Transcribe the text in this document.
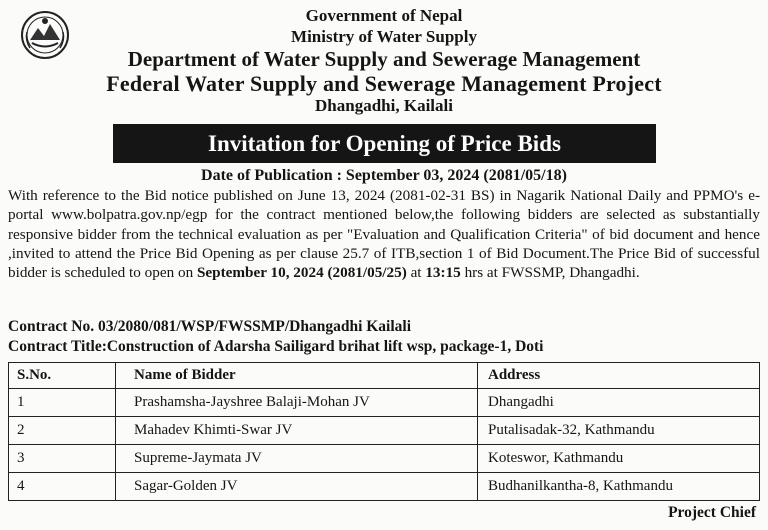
Government of Nepal
Ministry of Water Supply
Department of Water Supply and Sewerage Management
Federal Water Supply and Sewerage Management Project
Dhangadhi, Kailali
Invitation for Opening of Price Bids
Date of Publication : September 03, 2024 (2081/05/18)

With reference to the Bid notice published on June 13, 2024 (2081-02-31 BS) in Nagarik National Daily and PPMO's e-portal www.bolpatra.gov.np/egp for the contract mentioned below,the following bidders are selected as substantially responsive bidder from the technical evaluation as per "Evaluation and Qualification Criteria" of bid document and hence ,invited to attend the Price Bid Opening as per clause 25.7 of ITB,section 1 of Bid Document.The Price Bid of successful bidder is scheduled to open on September 10, 2024 (2081/05/25) at 13:15 hrs at FWSSMP, Dhangadhi.

Contract No. 03/2080/081/WSP/FWSSMP/Dhangadhi Kailali
Contract Title:Construction of Adarsha Sailigard brihat lift wsp, package-1, Doti
S.No.	Name of Bidder	Address
1	Prashamsha-Jayshree Balaji-Mohan JV	Dhangadhi
2	Mahadev Khimti-Swar JV	Putalisadak-32, Kathmandu
3	Supreme-Jaymata JV	Koteswor, Kathmandu
4	Sagar-Golden JV	Budhanilkantha-8, Kathmandu
Project Chief
